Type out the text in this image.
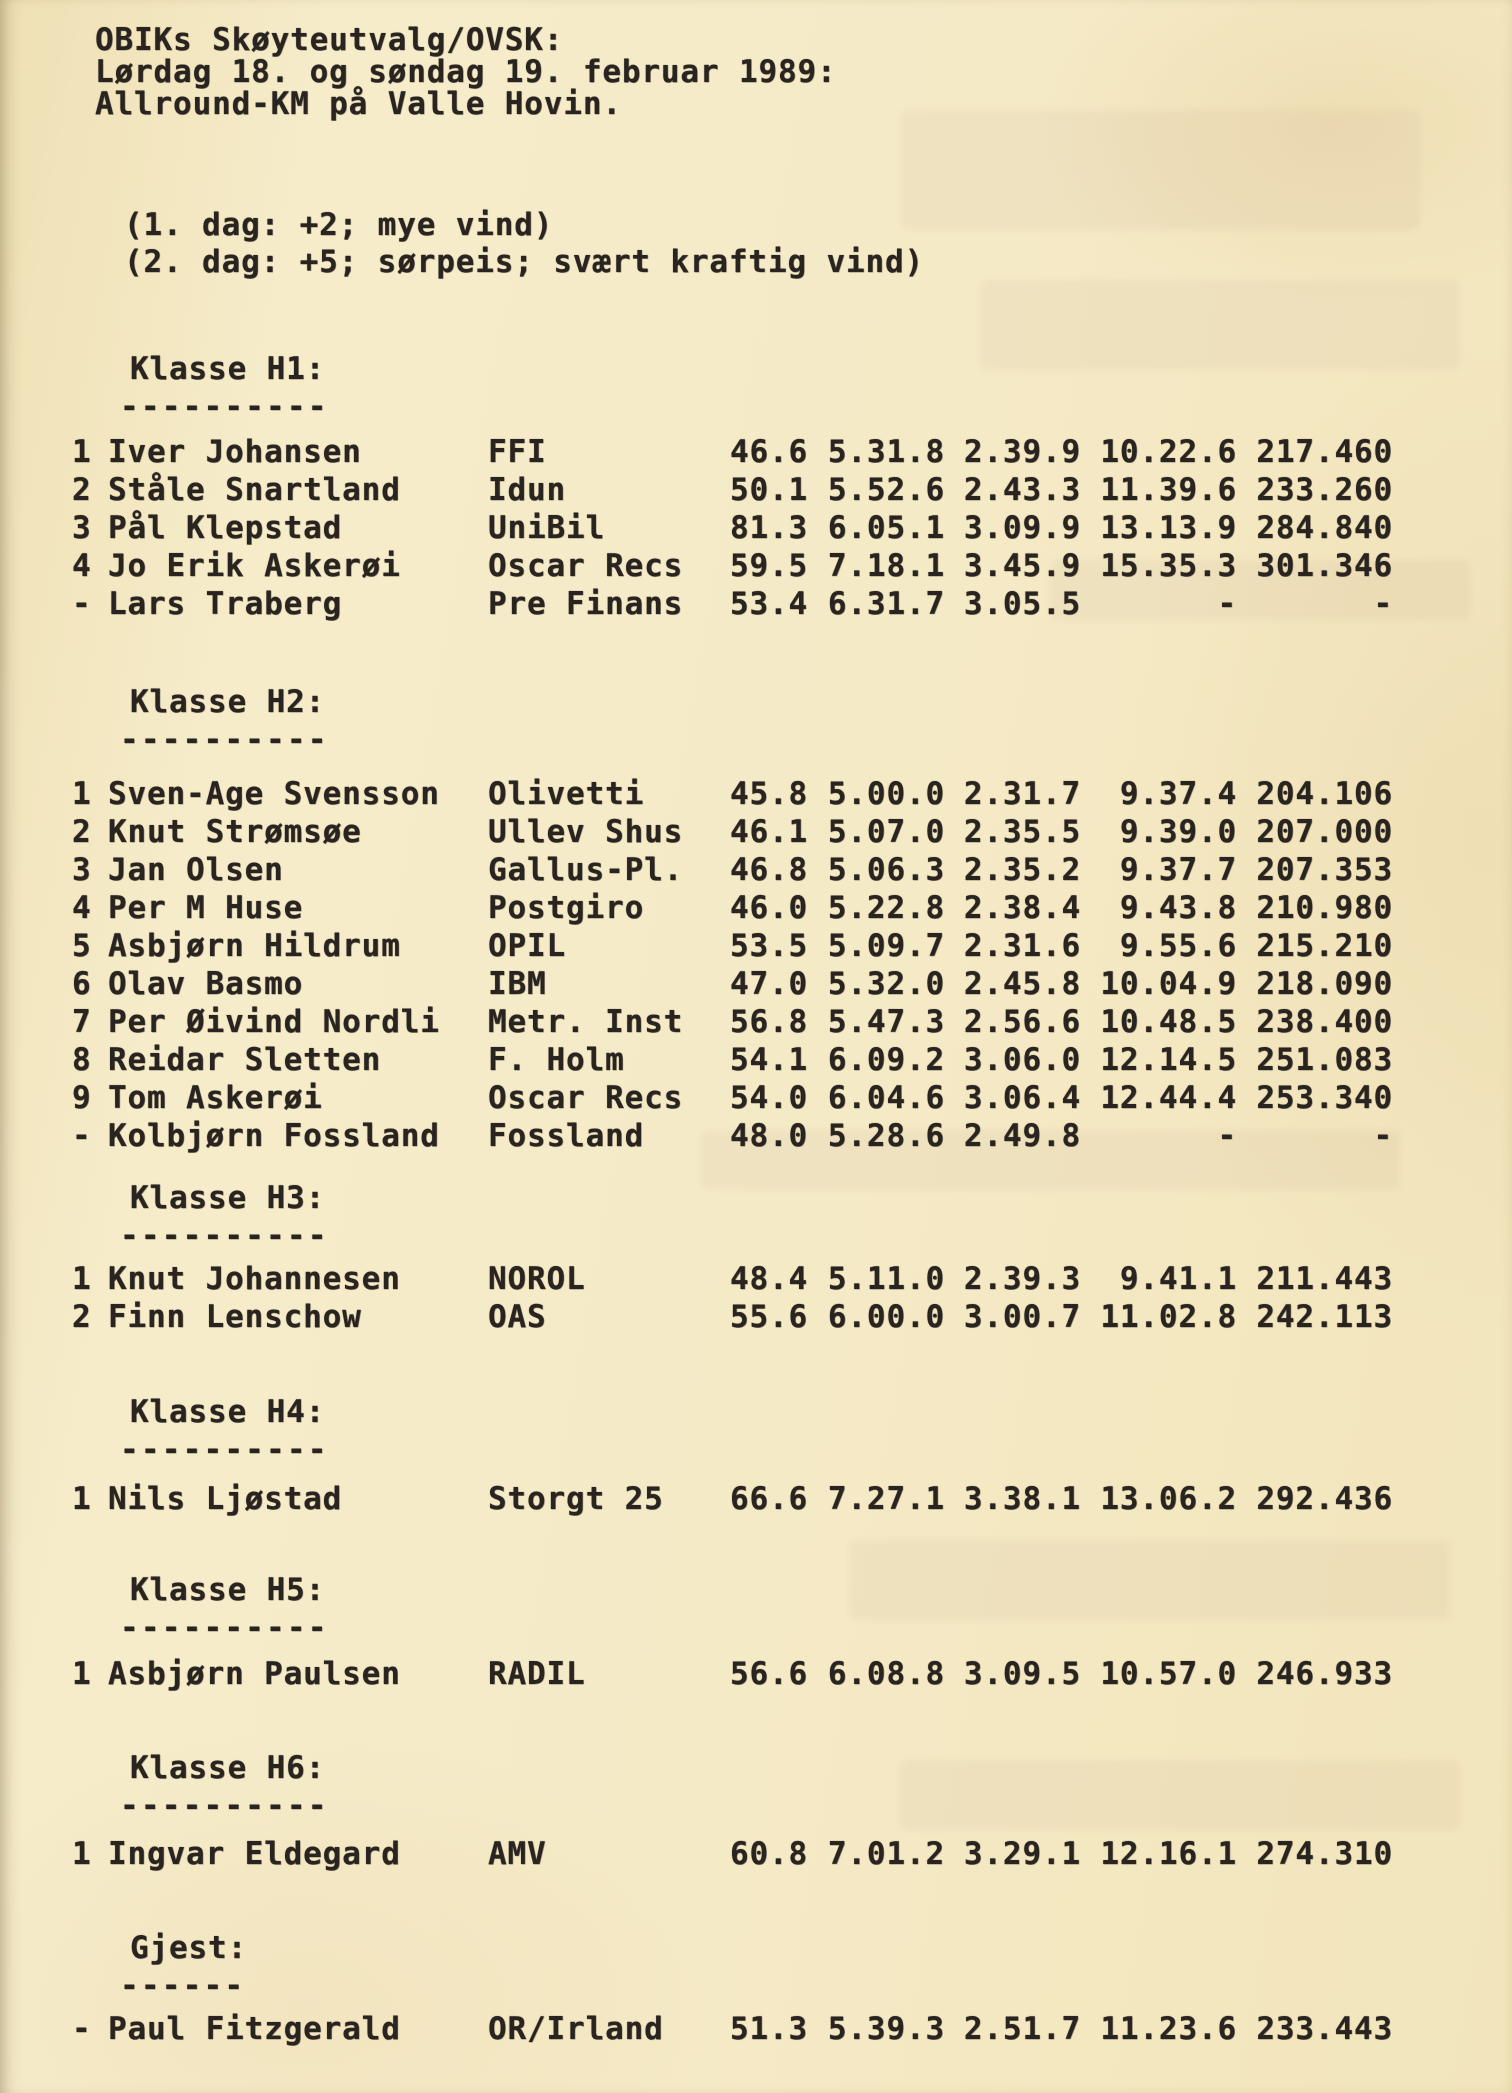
OBIKs Skøyteutvalg/OVSK:
Lørdag 18. og søndag 19. februar 1989:
Allround-KM på Valle Hovin.
(1. dag: +2; mye vind)
(2. dag: +5; sørpeis; svært kraftig vind)
Klasse H1:
----------
1 Iver Johansen	FFI	46.6 5.31.8 2.39.9 10.22.6 217.460
2 Ståle Snartland	Idun	50.1 5.52.6 2.43.3 11.39.6 233.260
3 Pål Klepstad	UniBil	81.3 6.05.1 3.09.9 13.13.9 284.840
4 Jo Erik Askerøi	Oscar Recs	59.5 7.18.1 3.45.9 15.35.3 301.346
- Lars Traberg	Pre Finans	53.4 6.31.7 3.05.5	-	-
Klasse H2:
----------
1 Sven-Age Svensson	Olivetti	45.8 5.00.0 2.31.7	9.37.4 204.106
2 Knut Strømsøe	Ullev Shus	46.1 5.07.0 2.35.5	9.39.0 207.000
3 Jan Olsen	Gallus-Pl.	46.8 5.06.3 2.35.2	9.37.7 207.353
4 Per M Huse	Postgiro	46.0 5.22.8 2.38.4	9.43.8 210.980
5 Asbjørn Hildrum	OPIL	53.5 5.09.7 2.31.6	9.55.6 215.210
6 Olav Basmo	IBM	47.0 5.32.0 2.45.8 10.04.9 218.090
7 Per Øivind Nordli	Metr. Inst	56.8 5.47.3 2.56.6 10.48.5 238.400
8 Reidar Sletten	F. Holm	54.1 6.09.2 3.06.0 12.14.5 251.083
9 Tom Askerøi	Oscar Recs	54.0 6.04.6 3.06.4 12.44.4 253.340
- Kolbjørn Fossland	Fossland	48.0 5.28.6 2.49.8	-	-
Klasse H3:
----------
1 Knut Johannesen	NOROL	48.4 5.11.0 2.39.3	9.41.1 211.443
2 Finn Lenschow	OAS	55.6 6.00.0 3.00.7 11.02.8 242.113
Klasse H4:
----------
1 Nils Ljøstad	Storgt 25	66.6 7.27.1 3.38.1 13.06.2 292.436
Klasse H5:
----------
1 Asbjørn Paulsen	RADIL	56.6 6.08.8 3.09.5 10.57.0 246.933
Klasse H6:
----------
1 Ingvar Eldegard	AMV	60.8 7.01.2 3.29.1 12.16.1 274.310
Gjest:
------
- Paul Fitzgerald	OR/Irland	51.3 5.39.3 2.51.7 11.23.6 233.443
